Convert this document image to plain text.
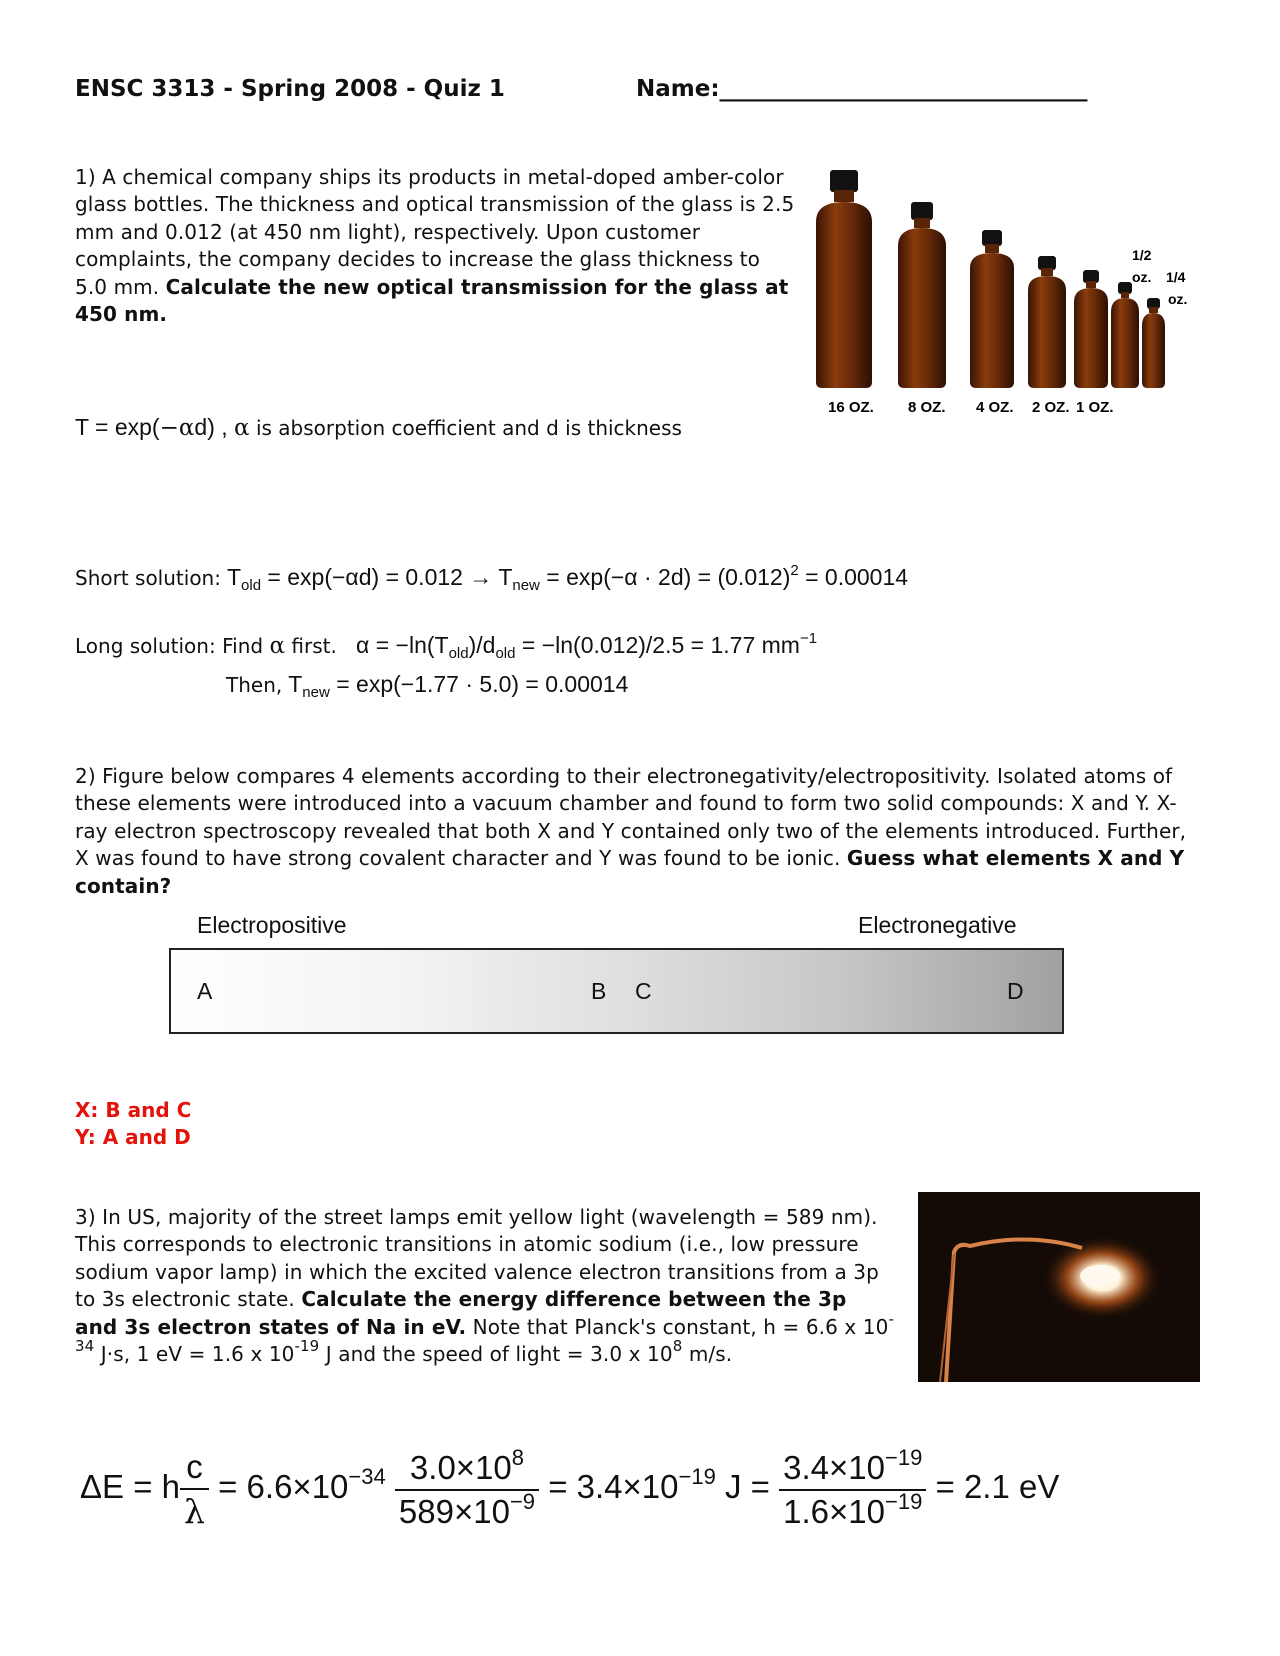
ENSC 3313 - Spring 2008 - Quiz 1	Name:________________________________
1) A chemical company ships its products in metal-doped amber-color glass bottles. The thickness and optical transmission of the glass is 2.5 mm and 0.012 (at 450 nm light), respectively. Upon customer complaints, the company decides to increase the glass thickness to 5.0 mm. Calculate the new optical transmission for the glass at 450 nm.
16 OZ. 8 OZ. 4 OZ. 2 OZ. 1 OZ.
1/2
oz. 1/4
oz.
T = exp(−αd) , α is absorption coefficient and d is thickness
Short solution: $T_{old} = \exp(-\alpha d) = 0.012 \to T_{new} = \exp(-\alpha \cdot 2d) = (0.012)^2 = 0.00014$
Long solution: Find α first. $\alpha = -\ln(T_{old})/d_{old} = -\ln(0.012)/2.5 = 1.77$ $mm^{-1}$
Then, $T_{new} = \exp(-1.77 \cdot 5.0) = 0.00014$
2) Figure below compares 4 elements according to their electronegativity/electropositivity. Isolated atoms of these elements were introduced into a vacuum chamber and found to form two solid compounds: X and Y. X-ray electron spectroscopy revealed that both X and Y contained only two of the elements introduced. Further, X was found to have strong covalent character and Y was found to be ionic. Guess what elements X and Y contain?
Electropositive	Electronegative
A	B C	D
X: B and C
Y: A and D
3) In US, majority of the street lamps emit yellow light (wavelength = 589 nm). This corresponds to electronic transitions in atomic sodium (i.e., low pressure sodium vapor lamp) in which the excited valence electron transitions from a 3p to 3s electronic state. Calculate the energy difference between the 3p and 3s electron states of Na in eV. Note that Planck's constant, h = 6.6 x $10^{-34}$ J·s, 1 eV = 1.6 x $10^{-19}$ J and the speed of light = 3.0 x $10^8$ m/s.
ΔE = h $\frac{c}{\lambda} = 6.6\times 10^{-34} \frac{3.0\times 10^8}{589\times 10^{-9}} = 3.4\times 10^{-19}$ $J = \frac{3.4\times 10^{-19}}{1.6\times 10^{-19}} = 2.1$ eV
